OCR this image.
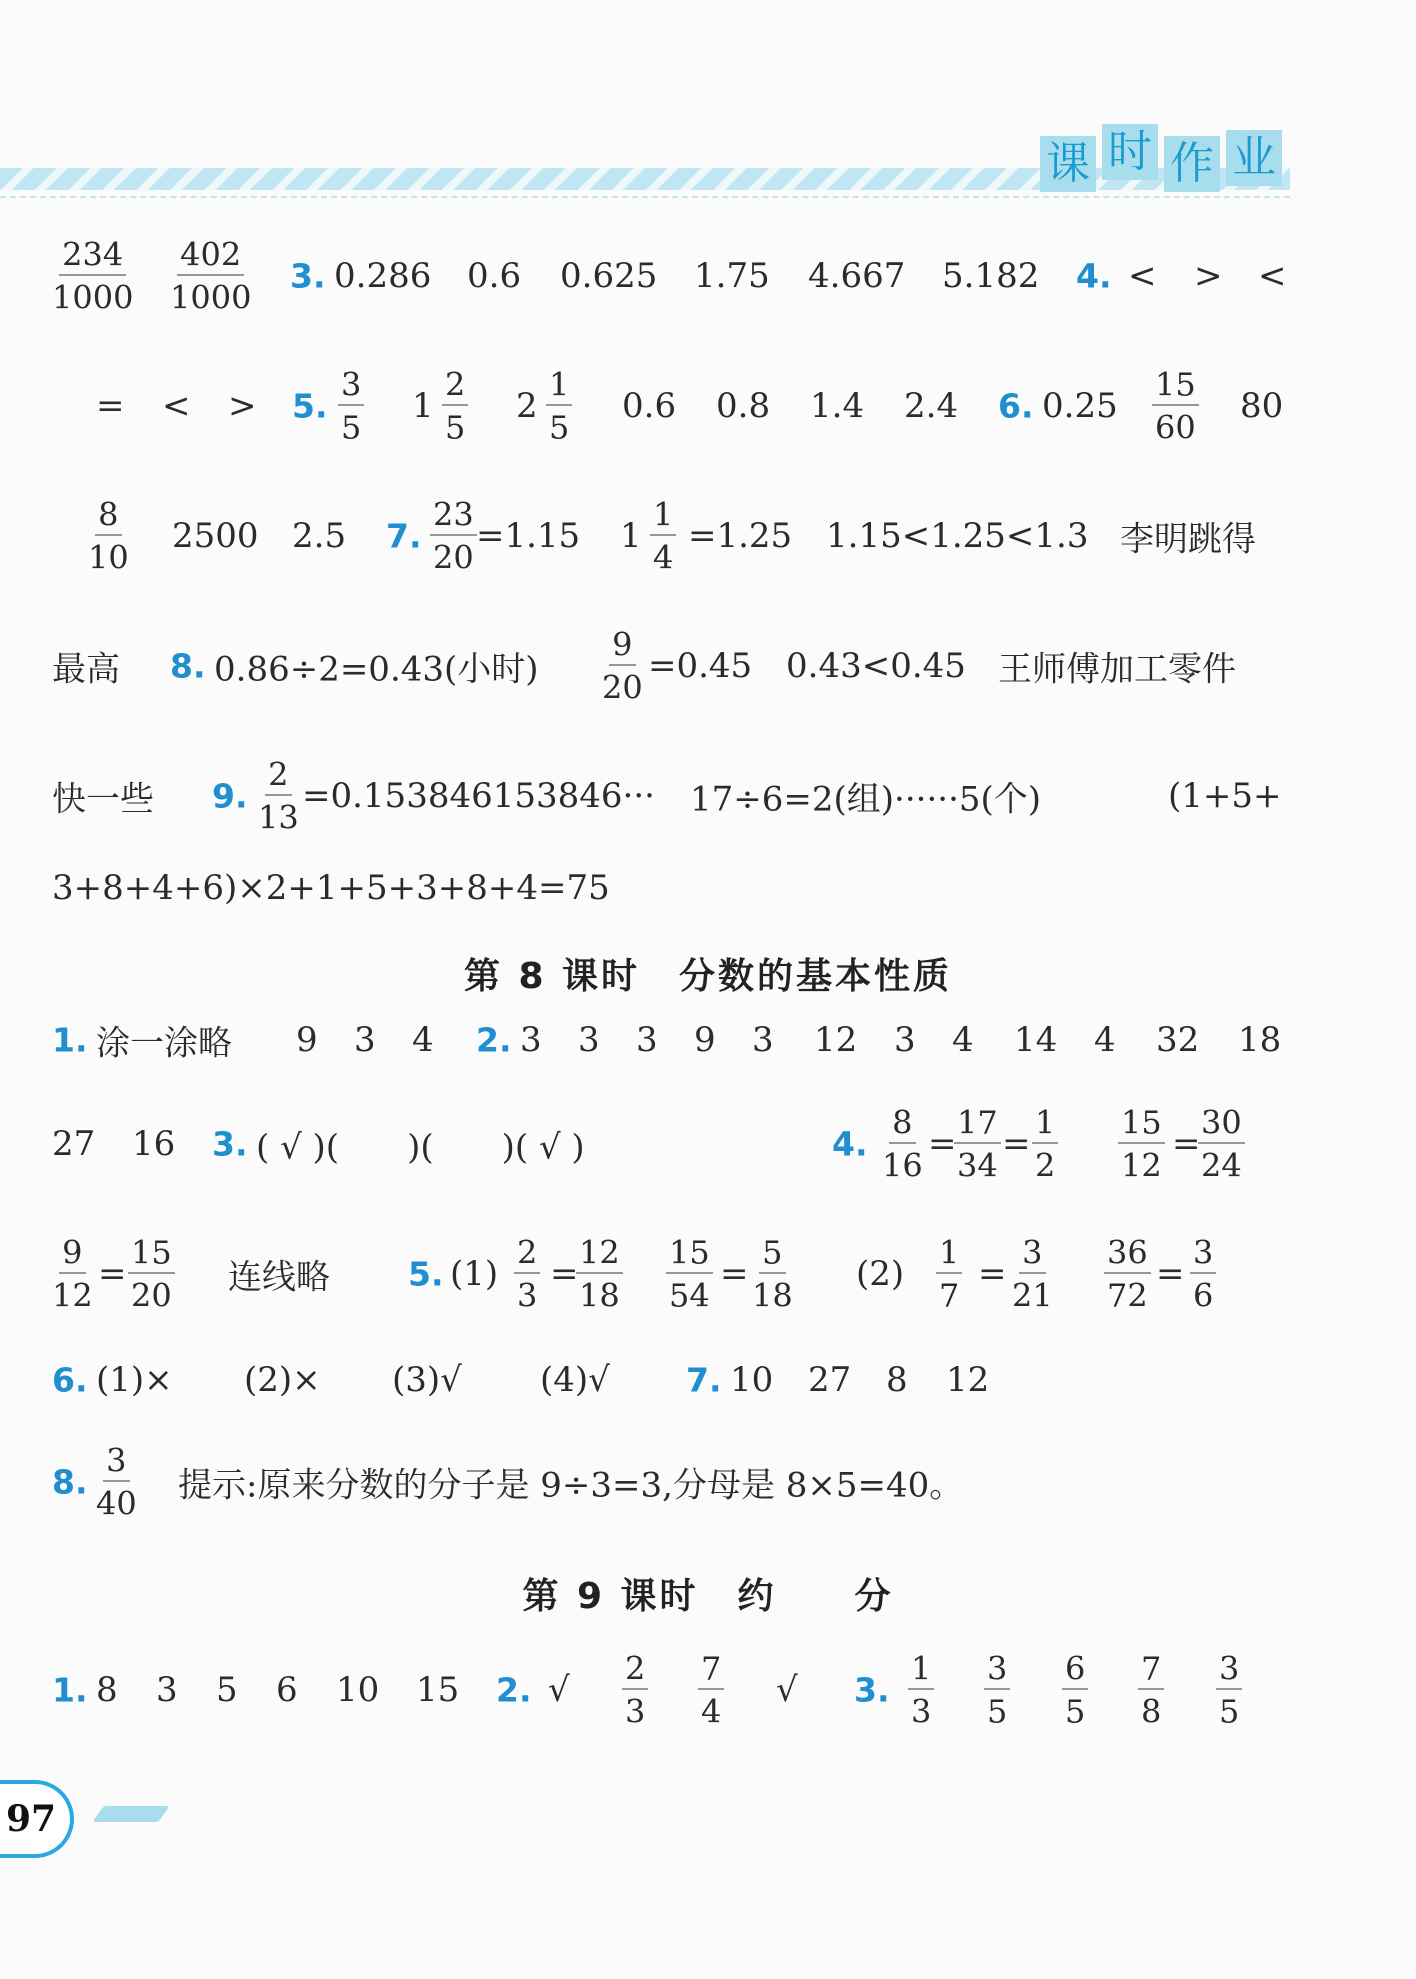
课 时 作 业
$\frac{234}{1000} \frac{402}{1000} 3$. 0.286 0.6 0.625 1.75 4.667 5.182 4. < > <
= < > 5. $\frac{3}{5} 1 \frac{2}{5} 2 \frac{1}{5} 0.6$ 0.8 1.4 2.4 6. $0.25 \frac{15}{60} 80$
$\frac{8}{10} 2500$ 2.5 7. $\frac{23}{20} =1.15$ $1 \frac{1}{4} =1.25$ 1.15<1.25<1.3 李明跳得
最高 8. 0.86÷2=0.43(小时) $\frac{9}{20} =0.45$ 0.43<0.45 王师傅加工零件
快一些 9. $\frac{2}{13} =0.153846153846\cdot\cdot\cdot 17\div 6=2$(组)······5(个)	(1+5+
3+8+4+6)×2+1+5+3+8+4=75
第 8 课时　分数的基本性质
1. 涂一涂略 9 3 4 2. 3 3 3 9 3 12 3 4 14 4 32 18
27 16 3. ( √ )(　　)(　　)( √ )	4. $\frac{8}{16}$ =
$\frac{17}{34} = \frac{1}{2} \frac{15}{12}$ =
$\frac{30}{24}$
$\frac{9}{12} = \frac{15}{20}$ 连线略 5. $(1) \frac{2}{3}$ =
$\frac{12}{18} \frac{15}{54} = \frac{5}{18} (2) \frac{1}{7} = \frac{3}{21} \frac{36}{72} = \frac{3}{6}$
6. (1)× (2)× (3)√ (4)√ 7. 10 27 8 12
8. $\frac{3}{40}$ 提示:原来分数的分子是 9÷3=3,分母是 8×5=40。
第 9 课时　约　　分
1. 8 3 5 6 10 15 2. √ $\frac{2}{3} \frac{7}{4}$ √ 3. $\frac{1}{3} \frac{3}{5} \frac{6}{5} \frac{7}{8} \frac{3}{5}$
97
